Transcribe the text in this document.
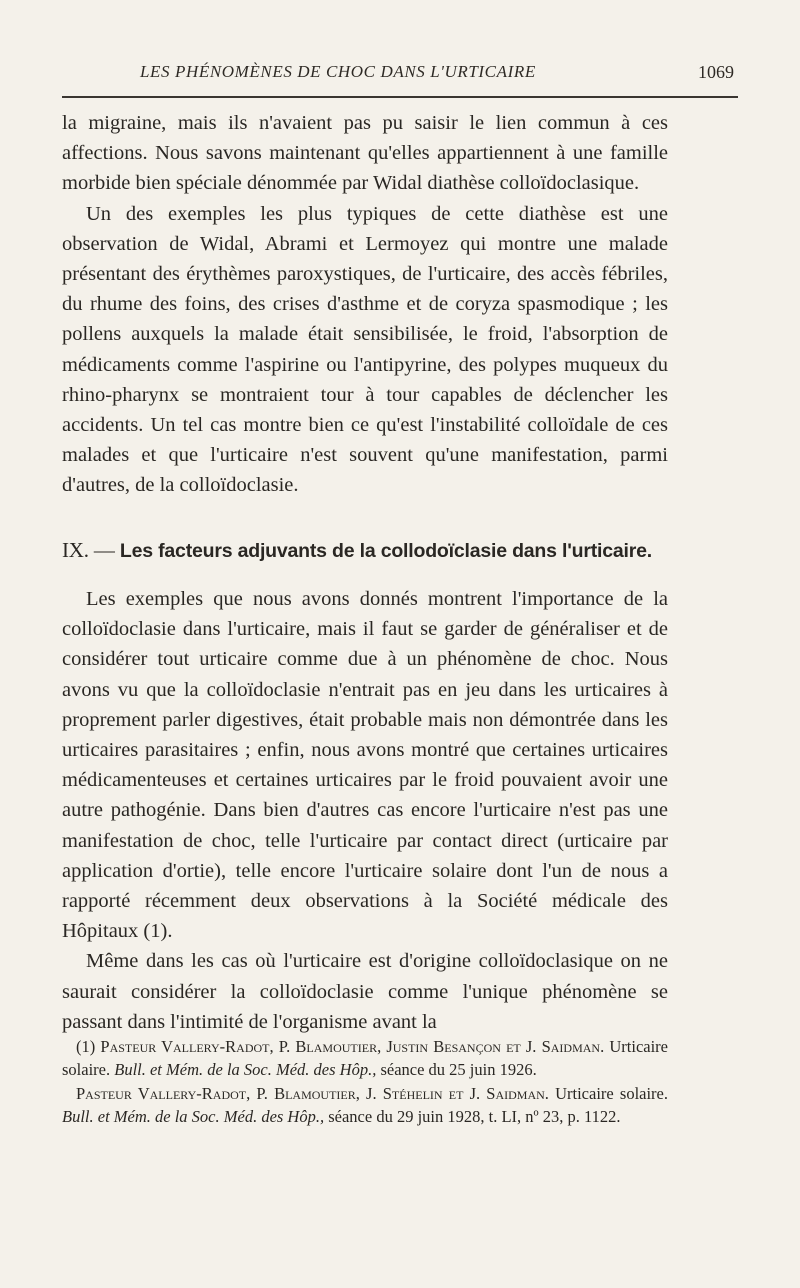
LES PHÉNOMÈNES DE CHOC DANS L'URTICAIRE	1069

la migraine, mais ils n'avaient pas pu saisir le lien commun à ces affections. Nous savons maintenant qu'elles appartiennent à une famille morbide bien spéciale dénommée par Widal diathèse colloïdoclasique.

Un des exemples les plus typiques de cette diathèse est une observation de Widal, Abrami et Lermoyez qui montre une malade présentant des érythèmes paroxystiques, de l'urticaire, des accès fébriles, du rhume des foins, des crises d'asthme et de coryza spasmodique ; les pollens auxquels la malade était sensibilisée, le froid, l'absorption de médicaments comme l'aspirine ou l'antipyrine, des polypes muqueux du rhino-pharynx se montraient tour à tour capables de déclencher les accidents. Un tel cas montre bien ce qu'est l'instabilité colloïdale de ces malades et que l'urticaire n'est souvent qu'une manifestation, parmi d'autres, de la colloïdoclasie.

IX. — Les facteurs adjuvants de la collodoïclasie dans l'urticaire.

Les exemples que nous avons donnés montrent l'importance de la colloïdoclasie dans l'urticaire, mais il faut se garder de généraliser et de considérer tout urticaire comme due à un phénomène de choc. Nous avons vu que la colloïdoclasie n'entrait pas en jeu dans les urticaires à proprement parler digestives, était probable mais non démontrée dans les urticaires parasitaires ; enfin, nous avons montré que certaines urticaires médicamenteuses et certaines urticaires par le froid pouvaient avoir une autre pathogénie. Dans bien d'autres cas encore l'urticaire n'est pas une manifestation de choc, telle l'urticaire par contact direct (urticaire par application d'ortie), telle encore l'urticaire solaire dont l'un de nous a rapporté récemment deux observations à la Société médicale des Hôpitaux (1).

Même dans les cas où l'urticaire est d'origine colloïdoclasique on ne saurait considérer la colloïdoclasie comme l'unique phénomène se passant dans l'intimité de l'organisme avant la

(1) Pasteur Vallery-Radot, P. Blamoutier, Justin Besançon et J. Saidman. Urticaire solaire. Bull. et Mém. de la Soc. Méd. des Hôp., séance du 25 juin 1926.

Pasteur Vallery-Radot, P. Blamoutier, J. Stéhelin et J. Saidman. Urticaire solaire. Bull. et Mém. de la Soc. Méd. des Hôp., séance du 29 juin 1928, t. LI, nº 23, p. 1122.
